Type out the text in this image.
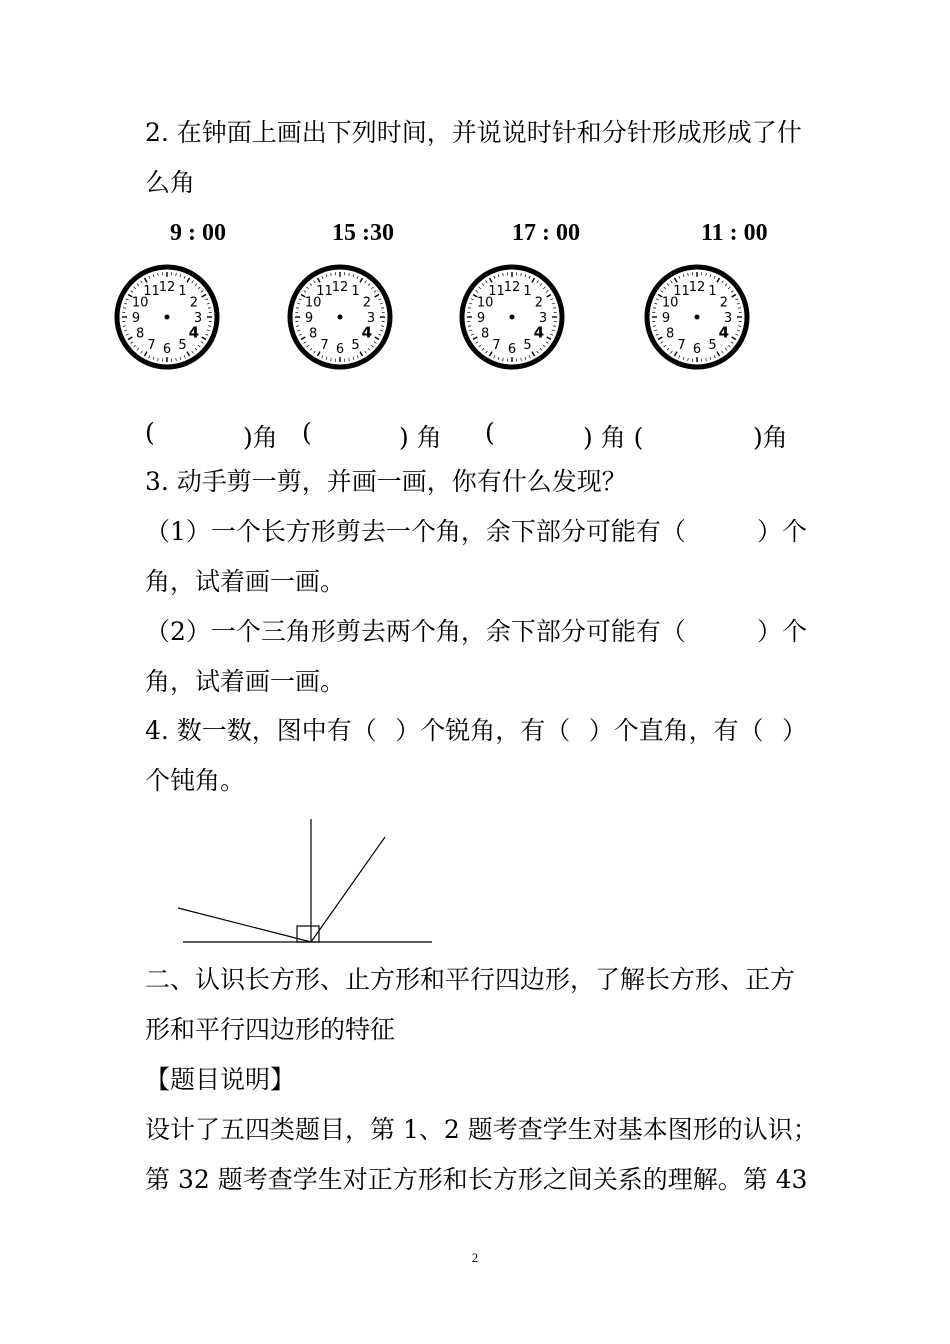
2. 在钟面上画出下列时间，并说说时针和分针形成形成了什
么角
9 : 00	15 :30	17 : 00	11 : 00
12 1
2
3
4
5
6
7
8
9
10
11	12 1
2
3
4
5
6
7
8
9
10
11	12 1
2
3
4
5
6
7
8
9
10
11	12 1
2
3
4
5
6
7
8
9
10
11
(	)角 (	) 角 (	) 角 (	)角
3. 动手剪一剪，并画一画，你有什么发现？
（1）一个长方形剪去一个角，余下部分可能有（	）个
角，试着画一画。
（2）一个三角形剪去两个角，余下部分可能有（	）个
角，试着画一画。
4. 数一数，图中有（ ）个锐角，有（ ）个直角，有（ ）
个钝角。
二、认识长方形、止方形和平行四边形，了解长方形、正方
形和平行四边形的特征
【题目说明】
设计了五四类题目，第 1、2 题考查学生对基本图形的认识；
第 32 题考查学生对正方形和长方形之间关系的理解。第 43
2
